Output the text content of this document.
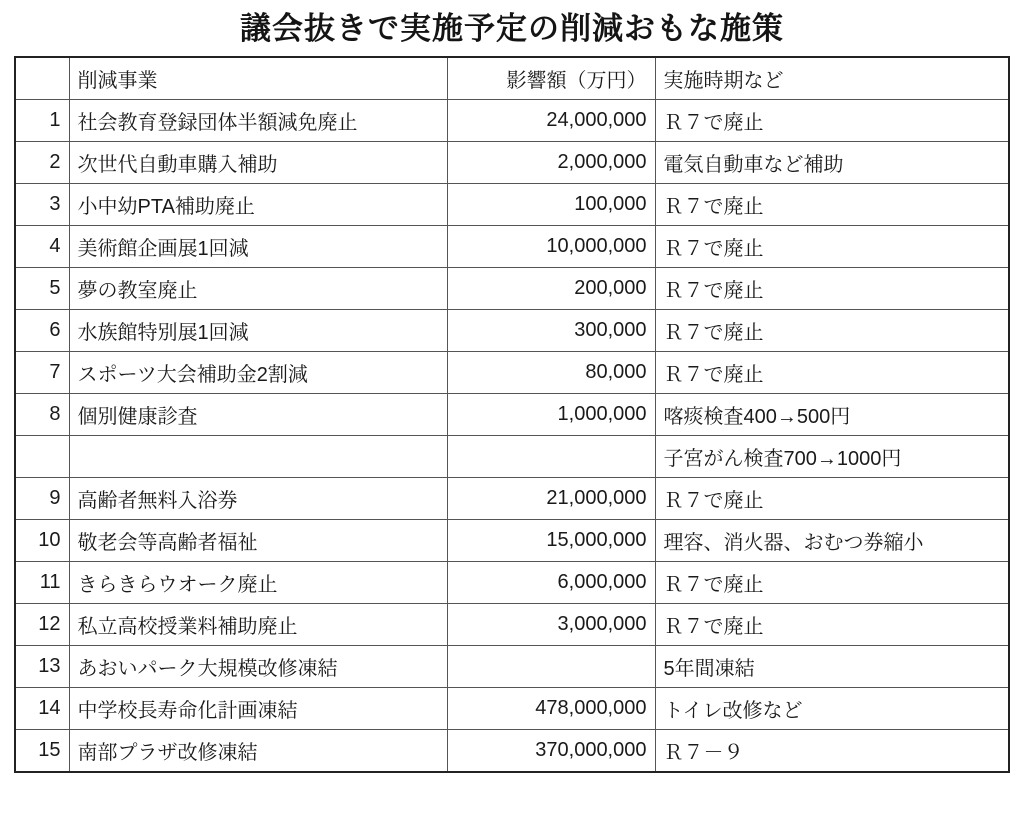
議会抜きで実施予定の削減おもな施策
	削減事業	影響額（万円）	実施時期など
1	社会教育登録団体半額減免廃止	24,000,000	Ｒ７で廃止
2	次世代自動車購入補助	2,000,000	電気自動車など補助
3	小中幼PTA補助廃止	100,000	Ｒ７で廃止
4	美術館企画展1回減	10,000,000	Ｒ７で廃止
5	夢の教室廃止	200,000	Ｒ７で廃止
6	水族館特別展1回減	300,000	Ｒ７で廃止
7	スポーツ大会補助金2割減	80,000	Ｒ７で廃止
8	個別健康診査	1,000,000	喀痰検査400→500円
			子宮がん検査700→1000円
9	高齢者無料入浴券	21,000,000	Ｒ７で廃止
10	敬老会等高齢者福祉	15,000,000	理容、消火器、おむつ券縮小
11	きらきらウオーク廃止	6,000,000	Ｒ７で廃止
12	私立高校授業料補助廃止	3,000,000	Ｒ７で廃止
13	あおいパーク大規模改修凍結		5年間凍結
14	中学校長寿命化計画凍結	478,000,000	トイレ改修など
15	南部プラザ改修凍結	370,000,000	Ｒ７－９
